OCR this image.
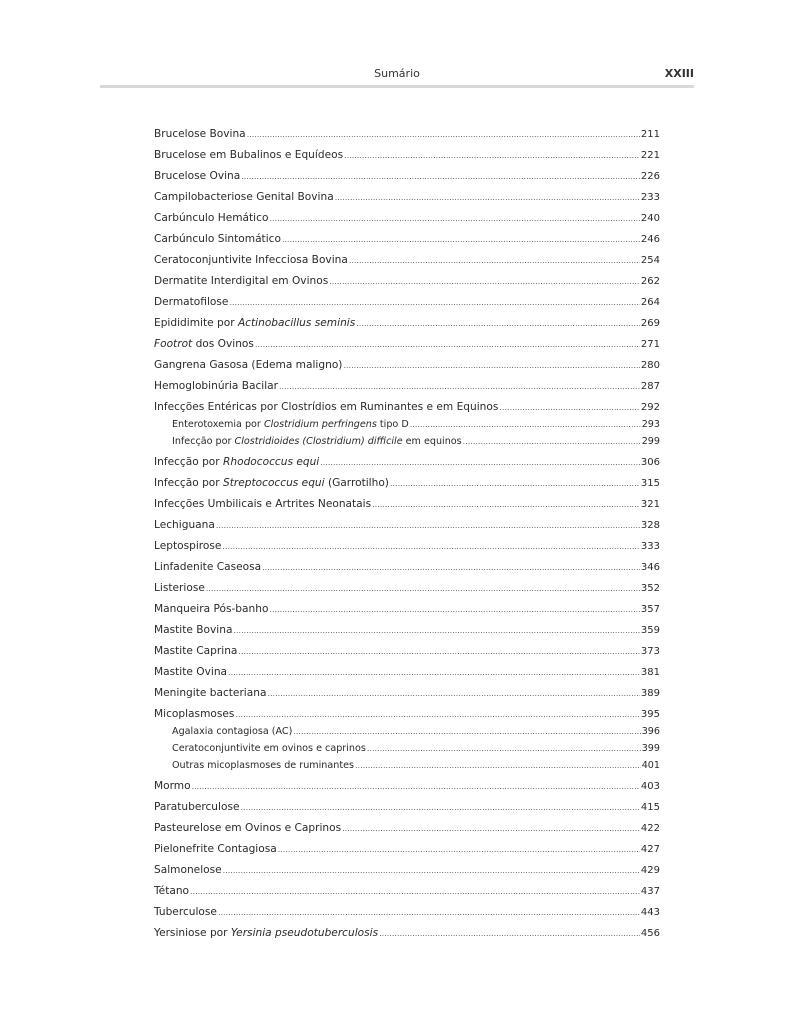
Sumário	XXIII
Brucelose Bovina .....	211
Brucelose em Bubalinos e Equídeos .....	221
Brucelose Ovina .....	226
Campilobacteriose Genital Bovina .....	233
Carbúnculo Hemático .....	240
Carbúnculo Sintomático .....	246
Ceratoconjuntivite Infecciosa Bovina .....	254
Dermatite Interdigital em Ovinos .....	262
Dermatofilose .....	264
Epididimite por Actinobacillus seminis .....	269
Footrot dos Ovinos .....	271
Gangrena Gasosa (Edema maligno) .....	280
Hemoglobinúria Bacilar .....	287
Infecções Entéricas por Clostrídios em Ruminantes e em Equinos .....	292
Enterotoxemia por Clostridium perfringens tipo D .....	293
Infecção por Clostridioides (Clostridium) difficile em equinos .....	299
Infecção por Rhodococcus equi .....	306
Infecção por Streptococcus equi (Garrotilho) .....	315
Infecções Umbilicais e Artrites Neonatais .....	321
Lechiguana .....	328
Leptospirose .....	333
Linfadenite Caseosa .....	346
Listeriose .....	352
Manqueira Pós-banho .....	357
Mastite Bovina .....	359
Mastite Caprina .....	373
Mastite Ovina .....	381
Meningite bacteriana .....	389
Micoplasmoses .....	395
Agalaxia contagiosa (AC) .....	396
Ceratoconjuntivite em ovinos e caprinos .....	399
Outras micoplasmoses de ruminantes .....	401
Mormo .....	403
Paratuberculose .....	415
Pasteurelose em Ovinos e Caprinos .....	422
Pielonefrite Contagiosa .....	427
Salmonelose .....	429
Tétano .....	437
Tuberculose .....	443
Yersiniose por Yersinia pseudotuberculosis .....	456
